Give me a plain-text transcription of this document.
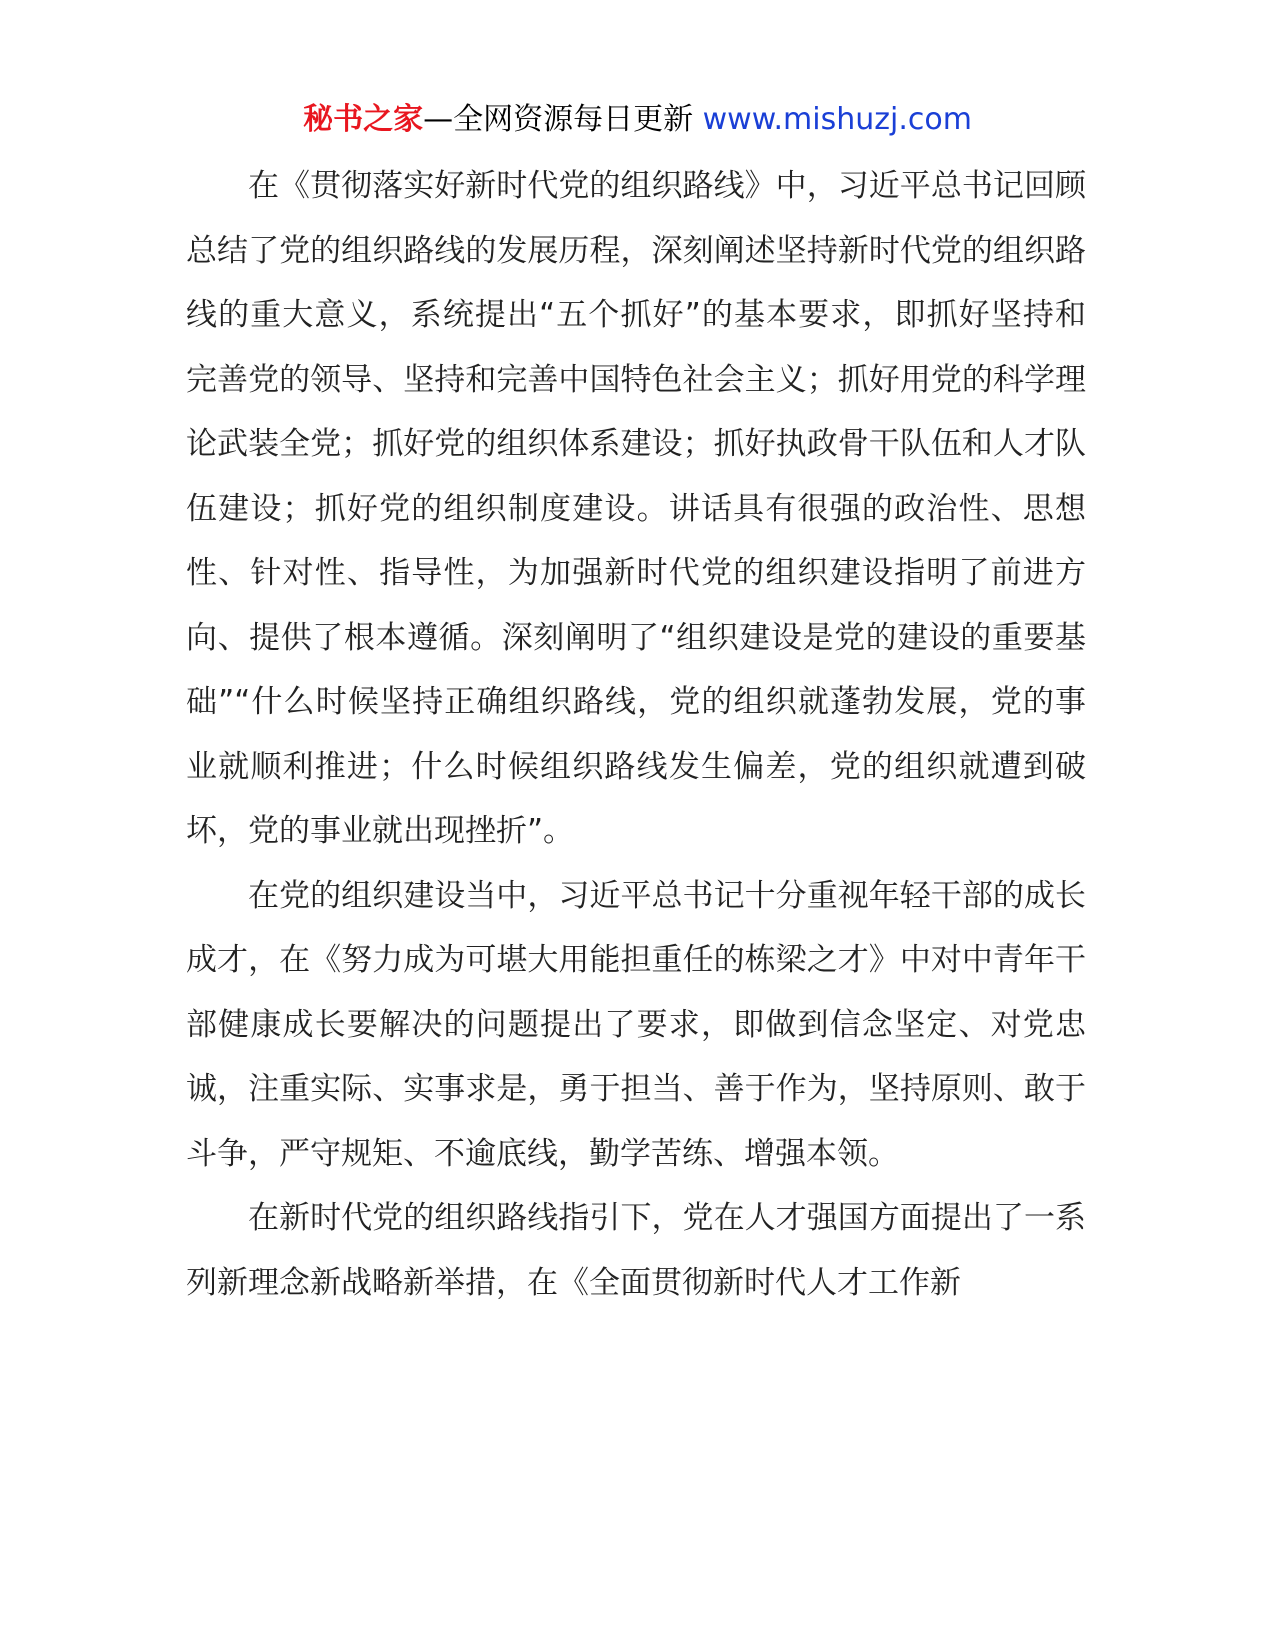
秘书之家—全网资源每日更新 www.mishuzj.com

在《贯彻落实好新时代党的组织路线》中，习近平总书记回顾总结了党的组织路线的发展历程，深刻阐述坚持新时代党的组织路线的重大意义，系统提出“五个抓好”的基本要求，即抓好坚持和完善党的领导、坚持和完善中国特色社会主义；抓好用党的科学理论武装全党；抓好党的组织体系建设；抓好执政骨干队伍和人才队伍建设；抓好党的组织制度建设。讲话具有很强的政治性、思想性、针对性、指导性，为加强新时代党的组织建设指明了前进方向、提供了根本遵循。深刻阐明了“组织建设是党的建设的重要基础”“什么时候坚持正确组织路线，党的组织就蓬勃发展，党的事业就顺利推进；什么时候组织路线发生偏差，党的组织就遭到破坏，党的事业就出现挫折”。

在党的组织建设当中，习近平总书记十分重视年轻干部的成长成才，在《努力成为可堪大用能担重任的栋梁之才》中对中青年干部健康成长要解决的问题提出了要求，即做到信念坚定、对党忠诚，注重实际、实事求是，勇于担当、善于作为，坚持原则、敢于斗争，严守规矩、不逾底线，勤学苦练、增强本领。

在新时代党的组织路线指引下，党在人才强国方面提出了一系列新理念新战略新举措，在《全面贯彻新时代人才工作新
